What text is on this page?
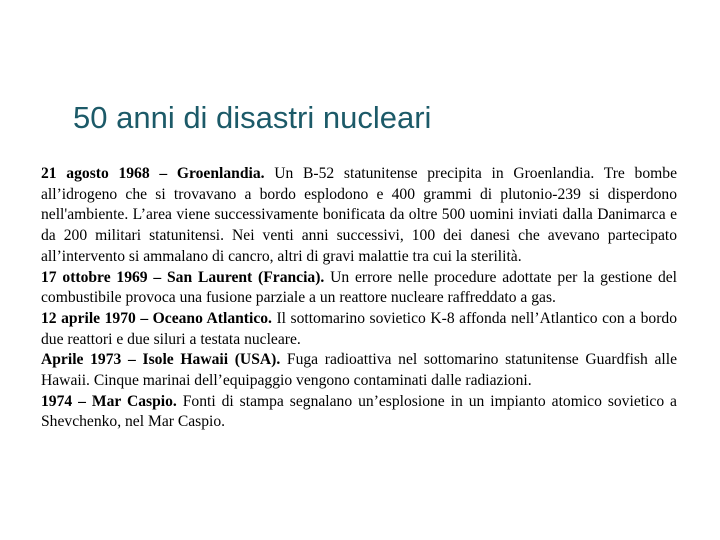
50 anni di disastri nucleari

21 agosto 1968 – Groenlandia. Un B-52 statunitense precipita in Groenlandia. Tre bombe all’idrogeno che si trovavano a bordo esplodono e 400 grammi di plutonio-239 si disperdono nell'ambiente. L’area viene successivamente bonificata da oltre 500 uomini inviati dalla Danimarca e da 200 militari statunitensi. Nei venti anni successivi, 100 dei danesi che avevano partecipato all’intervento si ammalano di cancro, altri di gravi malattie tra cui la sterilità.

17 ottobre 1969 – San Laurent (Francia). Un errore nelle procedure adottate per la gestione del combustibile provoca una fusione parziale a un reattore nucleare raffreddato a gas.

12 aprile 1970 – Oceano Atlantico. Il sottomarino sovietico K-8 affonda nell’Atlantico con a bordo due reattori e due siluri a testata nucleare.

Aprile 1973 – Isole Hawaii (USA). Fuga radioattiva nel sottomarino statunitense Guardfish alle Hawaii. Cinque marinai dell’equipaggio vengono contaminati dalle radiazioni.

1974 – Mar Caspio. Fonti di stampa segnalano un’esplosione in un impianto atomico sovietico a Shevchenko, nel Mar Caspio.
